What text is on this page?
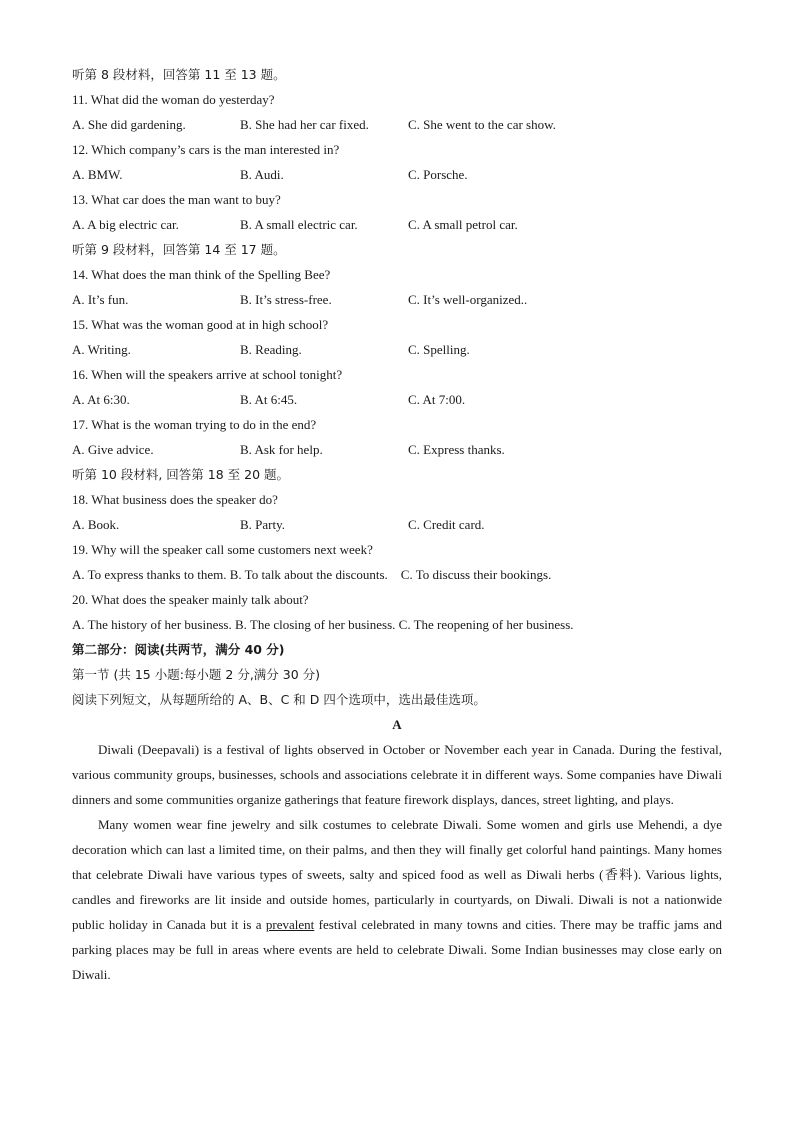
听第 8 段材料，回答第 11 至 13 题。
11. What did the woman do yesterday?
A. She did gardening.	B. She had her car fixed.	C. She went to the car show.
12. Which company’s cars is the man interested in?
A. BMW.	B. Audi.	C. Porsche.
13. What car does the man want to buy?
A. A big electric car.	B. A small electric car.	C. A small petrol car.
听第 9 段材料，回答第 14 至 17 题。
14. What does the man think of the Spelling Bee?
A. It’s fun.	B. It’s stress-free.	C. It’s well-organized..
15. What was the woman good at in high school?
A. Writing.	B. Reading.	C. Spelling.
16. When will the speakers arrive at school tonight?
A. At 6:30.	B. At 6:45.	C. At 7:00.
17. What is the woman trying to do in the end?
A. Give advice.	B. Ask for help.	C. Express thanks.
听第 10 段材料, 回答第 18 至 20 题。
18. What business does the speaker do?
A. Book.	B. Party.	C. Credit card.
19. Why will the speaker call some customers next week?
A. To express thanks to them. B. To talk about the discounts.    C. To discuss their bookings.
20. What does the speaker mainly talk about?
A. The history of her business. B. The closing of her business. C. The reopening of her business.
第二部分：阅读(共两节，满分 40 分)
第一节 (共 15 小题:每小题 2 分,满分 30 分)
阅读下列短文，从每题所给的 A、B、C 和 D 四个选项中，选出最佳选项。
A
Diwali (Deepavali) is a festival of lights observed in October or November each year in Canada. During the festival, various community groups, businesses, schools and associations celebrate it in different ways. Some companies have Diwali dinners and some communities organize gatherings that feature firework displays, dances, street lighting, and plays.
Many women wear fine jewelry and silk costumes to celebrate Diwali. Some women and girls use Mehendi, a dye decoration which can last a limited time, on their palms, and then they will finally get colorful hand paintings. Many homes that celebrate Diwali have various types of sweets, salty and spiced food as well as Diwali herbs (香料). Various lights, candles and fireworks are lit inside and outside homes, particularly in courtyards, on Diwali. Diwali is not a nationwide public holiday in Canada but it is a prevalent festival celebrated in many towns and cities. There may be traffic jams and parking places may be full in areas where events are held to celebrate Diwali. Some Indian businesses may close early on Diwali.
